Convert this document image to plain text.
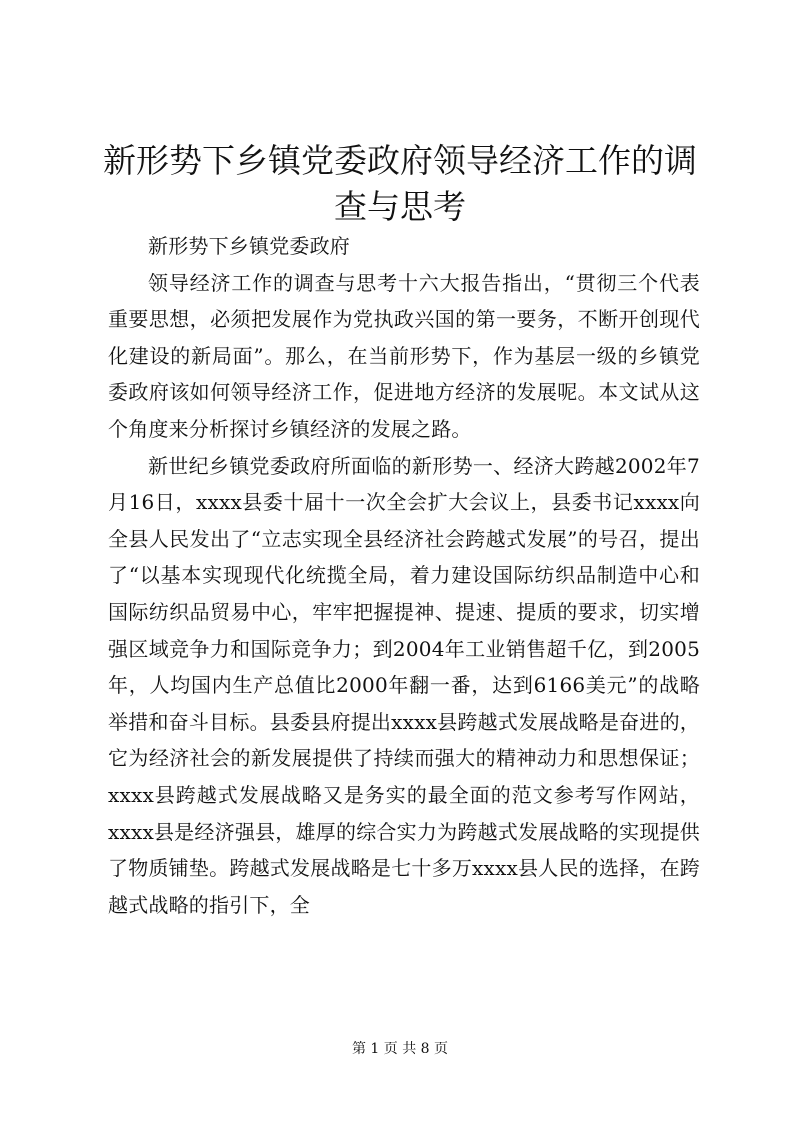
新形势下乡镇党委政府领导经济工作的调查与思考

新形势下乡镇党委政府

领导经济工作的调查与思考十六大报告指出，“贯彻三个代表重要思想，必须把发展作为党执政兴国的第一要务，不断开创现代化建设的新局面”。那么，在当前形势下，作为基层一级的乡镇党委政府该如何领导经济工作，促进地方经济的发展呢。本文试从这个角度来分析探讨乡镇经济的发展之路。

新世纪乡镇党委政府所面临的新形势一、经济大跨越2002年7月16日，xxxx县委十届十一次全会扩大会议上，县委书记xxxx向全县人民发出了“立志实现全县经济社会跨越式发展”的号召，提出了“以基本实现现代化统揽全局，着力建设国际纺织品制造中心和国际纺织品贸易中心，牢牢把握提神、提速、提质的要求，切实增强区域竞争力和国际竞争力；到2004年工业销售超千亿，到2005年，人均国内生产总值比2000年翻一番，达到6166美元”的战略举措和奋斗目标。县委县府提出xxxx县跨越式发展战略是奋进的，它为经济社会的新发展提供了持续而强大的精神动力和思想保证；xxxx县跨越式发展战略又是务实的最全面的范文参考写作网站，xxxx县是经济强县，雄厚的综合实力为跨越式发展战略的实现提供了物质铺垫。跨越式发展战略是七十多万xxxx县人民的选择，在跨越式战略的指引下，全

第 1 页 共 8 页
